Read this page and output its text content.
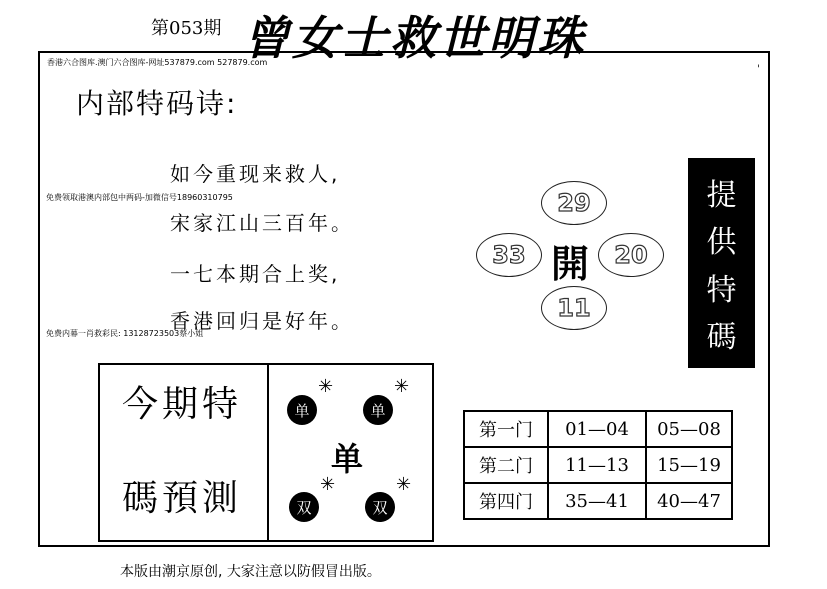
第053期 曾女士救世明珠
香港六合图库.澳门六合图库-网址537879.com 527879.com
'
内部特码诗:
如今重现来救人,
免费领取港澳内部包中两码-加微信号18960310795
宋家江山三百年。
一七本期合上奖,
香港回归是好年。
免费内幕一肖救彩民: 13128723503蔡小姐
29
33 開	20
11
提
供
特
碼
今期特
碼預測
单
✳
单
✳
单
双
✳
双
✳
第一门	01—04	05—08
第二门	11—13	15—19
第四门	35—41	40—47
本版由潮京原创, 大家注意以防假冒出版。
